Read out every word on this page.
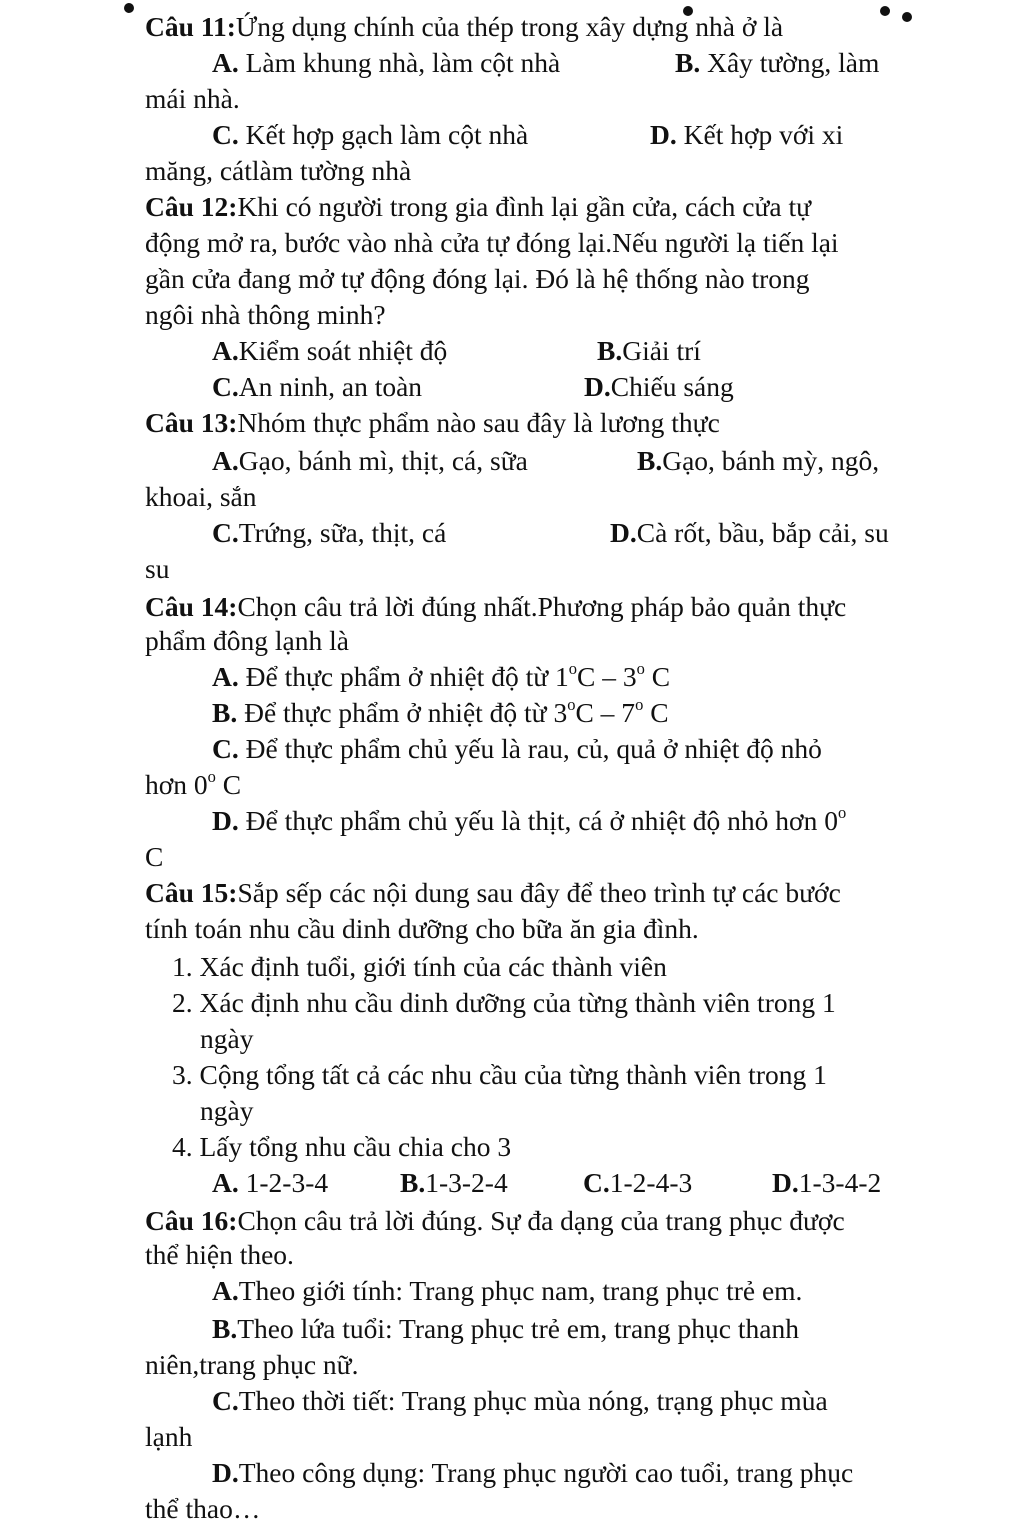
Câu 11:Ứng dụng chính của thép trong xây dựng nhà ở là
A. Làm khung nhà, làm cột nhà	B. Xây tường, làm
mái nhà.
C. Kết hợp gạch làm cột nhà	D. Kết hợp với xi
măng, cátlàm tường nhà
Câu 12:Khi có người trong gia đình lại gần cửa, cách cửa tự
động mở ra, bước vào nhà cửa tự đóng lại.Nếu người lạ tiến lại
gần cửa đang mở tự động đóng lại. Đó là hệ thống nào trong
ngôi nhà thông minh?
A.Kiểm soát nhiệt độ	B.Giải trí
C.An ninh, an toàn	D.Chiếu sáng
Câu 13:Nhóm thực phẩm nào sau đây là lương thực
A.Gạo, bánh mì, thịt, cá, sữa	B.Gạo, bánh mỳ, ngô,
khoai, sắn
C.Trứng, sữa, thịt, cá	D.Cà rốt, bầu, bắp cải, su
su
Câu 14:Chọn câu trả lời đúng nhất.Phương pháp bảo quản thực
phẩm đông lạnh là
A. Để thực phẩm ở nhiệt độ từ 1$^o$C – 3$^o$ C
B. Để thực phẩm ở nhiệt độ từ 3$^o$C – 7$^o$ C
C. Để thực phẩm chủ yếu là rau, củ, quả ở nhiệt độ nhỏ
hơn 0$^o$ C
D. Để thực phẩm chủ yếu là thịt, cá ở nhiệt độ nhỏ hơn 0$^o$
C
Câu 15:Sắp sếp các nội dung sau đây để theo trình tự các bước
tính toán nhu cầu dinh dưỡng cho bữa ăn gia đình.
1. Xác định tuổi, giới tính của các thành viên
2. Xác định nhu cầu dinh dưỡng của từng thành viên trong 1
ngày
3. Cộng tổng tất cả các nhu cầu của từng thành viên trong 1
ngày
4. Lấy tổng nhu cầu chia cho 3
A. 1-2-3-4	B.1-3-2-4	C.1-2-4-3	D.1-3-4-2
Câu 16:Chọn câu trả lời đúng. Sự đa dạng của trang phục được
thể hiện theo.
A.Theo giới tính: Trang phục nam, trang phục trẻ em.
B.Theo lứa tuổi: Trang phục trẻ em, trang phục thanh
niên,trang phục nữ.
C.Theo thời tiết: Trang phục mùa nóng, trạng phục mùa
lạnh
D.Theo công dụng: Trang phục người cao tuổi, trang phục
thể thao…
